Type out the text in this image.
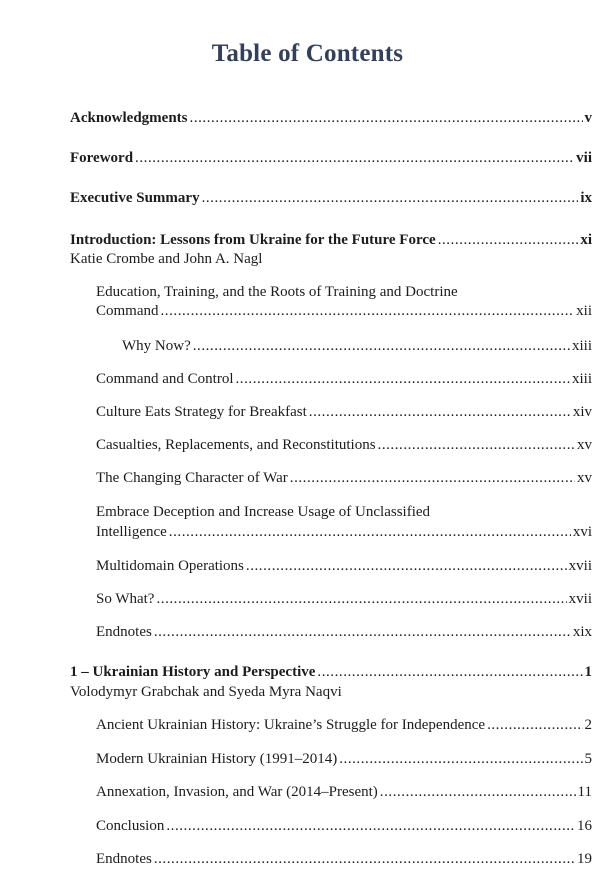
Table of Contents
Acknowledgments . . .	v
Foreword . . .	vii
Executive Summary . . .	ix
Introduction: Lessons from Ukraine for the Future Force . . .	xi
Katie Crombe and John A. Nagl
Education, Training, and the Roots of Training and Doctrine
Command . . .	xii
Why Now? . . .	xiii
Command and Control . . .	xiii
Culture Eats Strategy for Breakfast . . .	xiv
Casualties, Replacements, and Reconstitutions . . .	xv
The Changing Character of War . . .	xv
Embrace Deception and Increase Usage of Unclassified
Intelligence . . .	xvi
Multidomain Operations . . .	xvii
So What? . . .	xvii
Endnotes . . .	xix
1 – Ukrainian History and Perspective . . .	1
Volodymyr Grabchak and Syeda Myra Naqvi
Ancient Ukrainian History: Ukraine’s Struggle for Independence . . .	2
Modern Ukrainian History (1991–2014) . . .	5
Annexation, Invasion, and War (2014–Present) . . .	11
Conclusion . . .	16
Endnotes . . .	19
